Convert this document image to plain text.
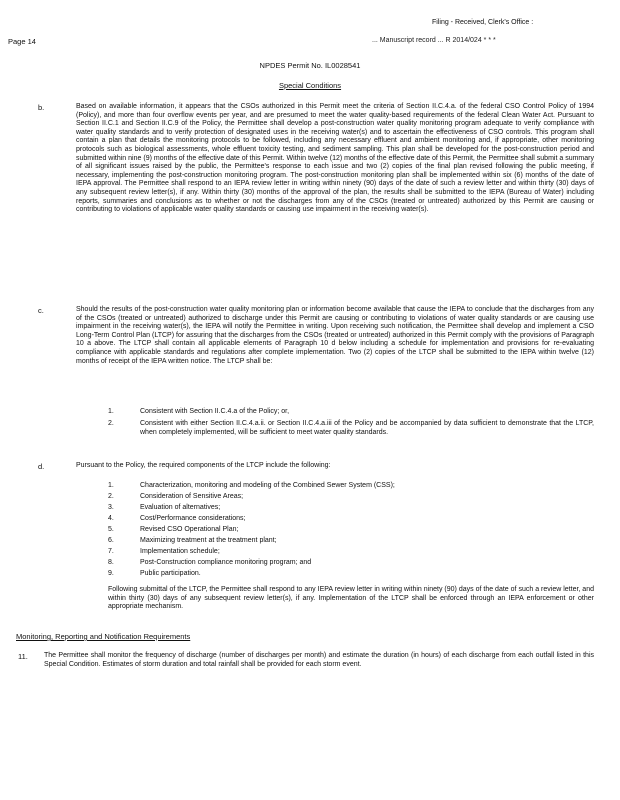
Filing - Received, Clerk's Office :
... Manuscript record ... R 2014/024 * * *
Page 14
NPDES Permit No. IL0028541
Special Conditions
b.	Based on available information, it appears that the CSOs authorized in this Permit meet the criteria of Section II.C.4.a. of the federal CSO Control Policy of 1994 (Policy), and more than four overflow events per year, and are presumed to meet the water quality-based requirements of the federal Clean Water Act. Pursuant to Section II.C.1 and Section II.C.9 of the Policy, the Permittee shall develop a post-construction water quality monitoring program adequate to verify compliance with water quality standards and to verify protection of designated uses in the receiving water(s) and to ascertain the effectiveness of CSO controls. This program shall contain a plan that details the monitoring protocols to be followed, including any necessary effluent and ambient monitoring and, if appropriate, other monitoring protocols such as biological assessments, whole effluent toxicity testing, and sediment sampling. This plan shall be developed for the post-construction period and submitted within nine (9) months of the effective date of this Permit. Within twelve (12) months of the effective date of this Permit, the Permittee shall submit a summary of all significant issues raised by the public, the Permittee's response to each issue and two (2) copies of the final plan revised following the public meeting, if necessary, implementing the post-construction monitoring program. The post-construction monitoring plan shall be implemented within six (6) months of the date of IEPA approval. The Permittee shall respond to an IEPA review letter in writing within ninety (90) days of the date of such a review letter and within thirty (30) days of any subsequent review letter(s), if any. Within thirty (30) months of the approval of the plan, the results shall be submitted to the IEPA (Bureau of Water) including reports, summaries and conclusions as to whether or not the discharges from any of the CSOs (treated or untreated) authorized by this Permit are causing or contributing to violations of applicable water quality standards or causing use impairment in the receiving water(s).
c.	Should the results of the post-construction water quality monitoring plan or information become available that cause the IEPA to conclude that the discharges from any of the CSOs (treated or untreated) authorized to discharge under this Permit are causing or contributing to violations of water quality standards or are causing use impairment in the receiving water(s), the IEPA will notify the Permittee in writing. Upon receiving such notification, the Permittee shall develop and implement a CSO Long-Term Control Plan (LTCP) for assuring that the discharges from the CSOs (treated or untreated) authorized in this Permit comply with the provisions of Paragraph 10 a above. The LTCP shall contain all applicable elements of Paragraph 10 d below including a schedule for implementation and provisions for re-evaluating compliance with applicable standards and regulations after complete implementation. Two (2) copies of the LTCP shall be submitted to the IEPA within twelve (12) months of receipt of the IEPA written notice. The LTCP shall be:
1.	Consistent with Section II.C.4.a of the Policy; or,
2.	Consistent with either Section II.C.4.a.ii. or Section II.C.4.a.iii of the Policy and be accompanied by data sufficient to demonstrate that the LTCP, when completely implemented, will be sufficient to meet water quality standards.
d.	Pursuant to the Policy, the required components of the LTCP include the following:
1.	Characterization, monitoring and modeling of the Combined Sewer System (CSS);
2.	Consideration of Sensitive Areas;
3.	Evaluation of alternatives;
4.	Cost/Performance considerations;
5.	Revised CSO Operational Plan;
6.	Maximizing treatment at the treatment plant;
7.	Implementation schedule;
8.	Post-Construction compliance monitoring program; and
9.	Public participation.
Following submittal of the LTCP, the Permittee shall respond to any IEPA review letter in writing within ninety (90) days of the date of such a review letter, and within thirty (30) days of any subsequent review letter(s), if any. Implementation of the LTCP shall be enforced through an IEPA enforcement or other appropriate mechanism.
Monitoring, Reporting and Notification Requirements
11. The Permittee shall monitor the frequency of discharge (number of discharges per month) and estimate the duration (in hours) of each discharge from each outfall listed in this Special Condition. Estimates of storm duration and total rainfall shall be provided for each storm event.
